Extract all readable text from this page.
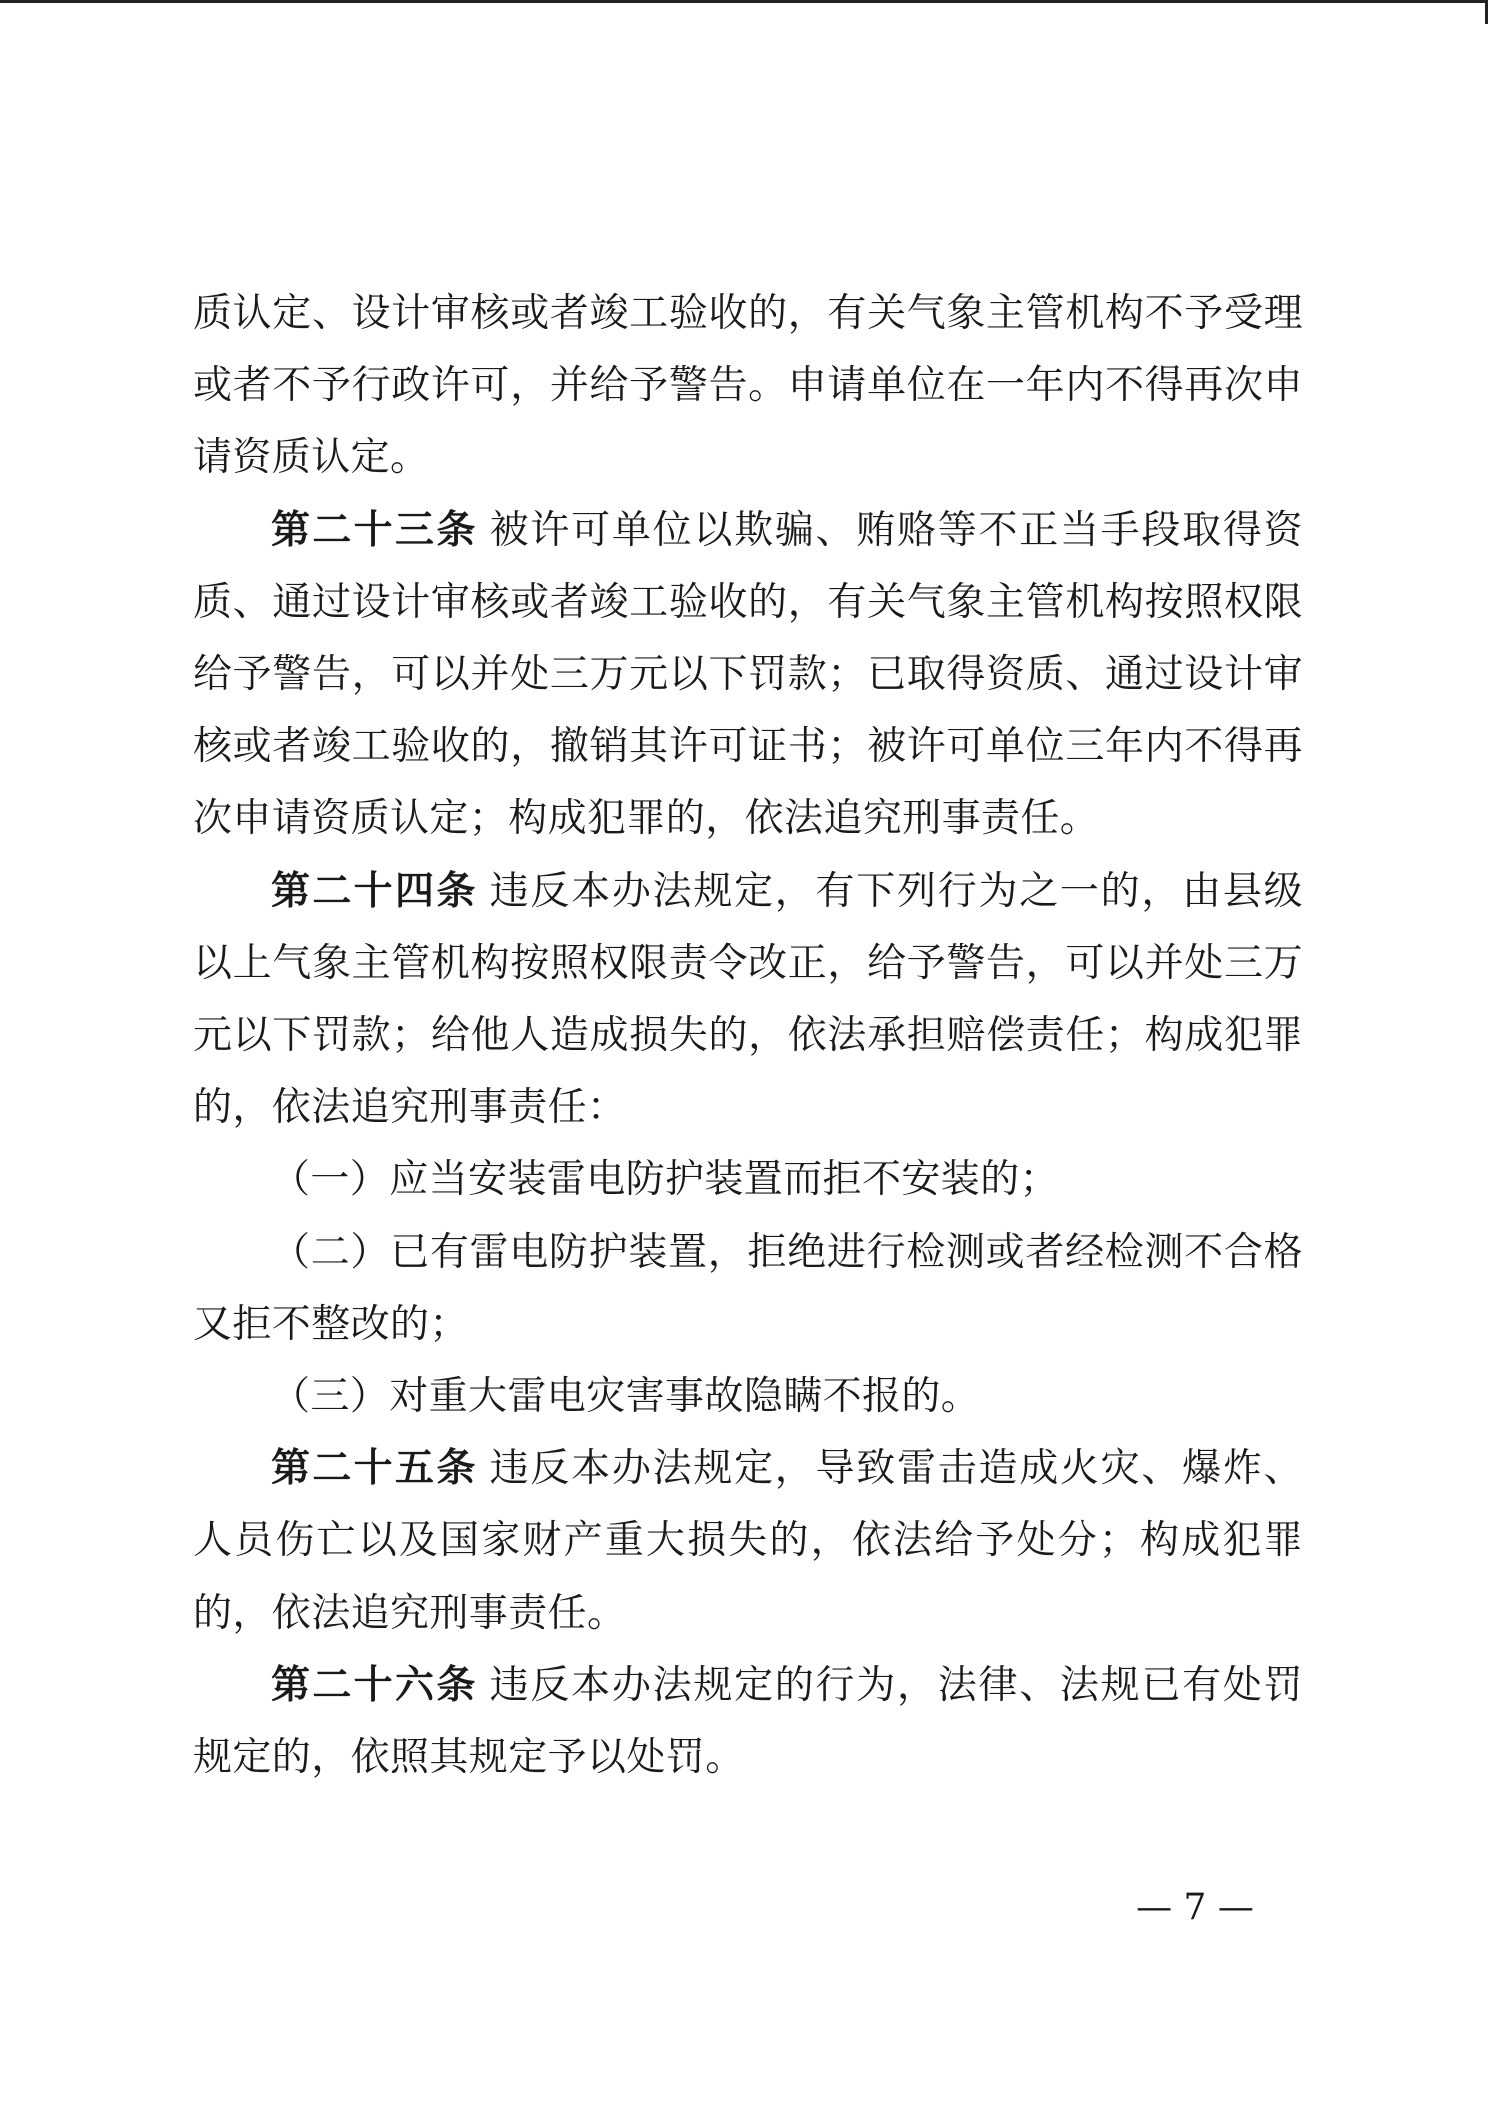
质认定、设计审核或者竣工验收的，有关气象主管机构不予受理或者不予行政许可，并给予警告。申请单位在一年内不得再次申请资质认定。

第二十三条 被许可单位以欺骗、贿赂等不正当手段取得资质、通过设计审核或者竣工验收的，有关气象主管机构按照权限给予警告，可以并处三万元以下罚款；已取得资质、通过设计审核或者竣工验收的，撤销其许可证书；被许可单位三年内不得再次申请资质认定；构成犯罪的，依法追究刑事责任。

第二十四条 违反本办法规定，有下列行为之一的，由县级以上气象主管机构按照权限责令改正，给予警告，可以并处三万元以下罚款；给他人造成损失的，依法承担赔偿责任；构成犯罪的，依法追究刑事责任：

（一）应当安装雷电防护装置而拒不安装的；

（二）已有雷电防护装置，拒绝进行检测或者经检测不合格又拒不整改的；

（三）对重大雷电灾害事故隐瞒不报的。

第二十五条 违反本办法规定，导致雷击造成火灾、爆炸、人员伤亡以及国家财产重大损失的，依法给予处分；构成犯罪的，依法追究刑事责任。

第二十六条 违反本办法规定的行为，法律、法规已有处罚规定的，依照其规定予以处罚。

— 7 —
